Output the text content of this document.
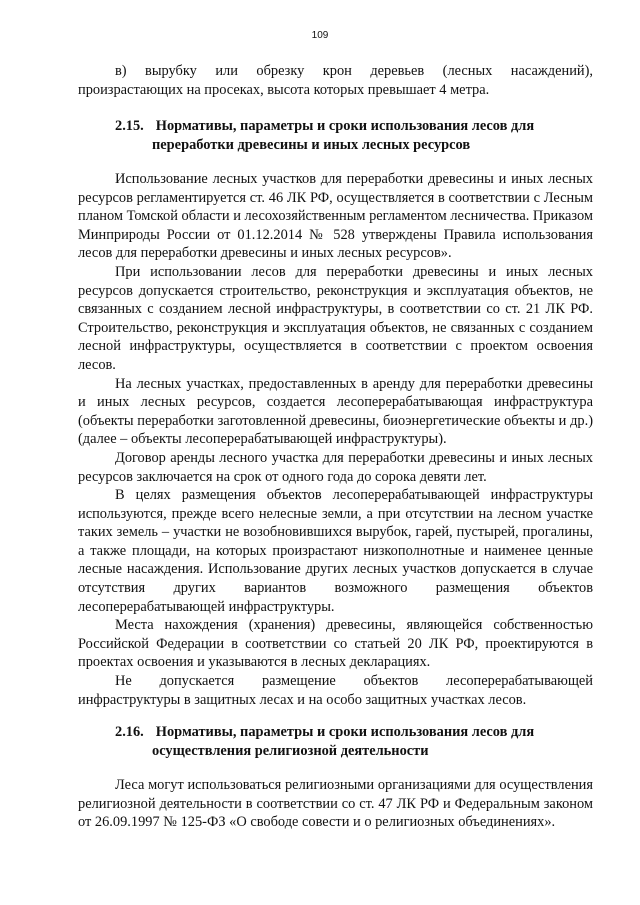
109

в) вырубку или обрезку крон деревьев (лесных насаждений), произрастающих на просеках, высота которых превышает 4 метра.

2.15. Нормативы, параметры и сроки использования лесов для

переработки древесины и иных лесных ресурсов

Использование лесных участков для переработки древесины и иных лесных ресурсов регламентируется ст. 46 ЛК РФ, осуществляется в соответствии с Лесным планом Томской области и лесохозяйственным регламентом лесничества. Приказом Минприроды России от 01.12.2014 № 528 утверждены Правила использования лесов для переработки древесины и иных лесных ресурсов».

При использовании лесов для переработки древесины и иных лесных ресурсов допускается строительство, реконструкция и эксплуатация объектов, не связанных с созданием лесной инфраструктуры, в соответствии со ст. 21 ЛК РФ. Строительство, реконструкция и эксплуатация объектов, не связанных с созданием лесной инфраструктуры, осуществляется в соответствии с проектом освоения лесов.

На лесных участках, предоставленных в аренду для переработки древесины и иных лесных ресурсов, создается лесоперерабатывающая инфраструктура (объекты переработки заготовленной древесины, биоэнергетические объекты и др.) (далее – объекты лесоперерабатывающей инфраструктуры).

Договор аренды лесного участка для переработки древесины и иных лесных ресурсов заключается на срок от одного года до сорока девяти лет.

В целях размещения объектов лесоперерабатывающей инфраструктуры используются, прежде всего нелесные земли, а при отсутствии на лесном участке таких земель – участки не возобновившихся вырубок, гарей, пустырей, прогалины, а также площади, на которых произрастают низкополнотные и наименее ценные лесные насаждения. Использование других лесных участков допускается в случае отсутствия других вариантов возможного размещения объектов лесоперерабатывающей инфраструктуры.

Места нахождения (хранения) древесины, являющейся собственностью Российской Федерации в соответствии со статьей 20 ЛК РФ, проектируются в проектах освоения и указываются в лесных декларациях.

Не допускается размещение объектов лесоперерабатывающей инфраструктуры в защитных лесах и на особо защитных участках лесов.

2.16. Нормативы, параметры и сроки использования лесов для

осуществления религиозной деятельности

Леса могут использоваться религиозными организациями для осуществления религиозной деятельности в соответствии со ст. 47 ЛК РФ и Федеральным законом от 26.09.1997 № 125-ФЗ «О свободе совести и о религиозных объединениях».
